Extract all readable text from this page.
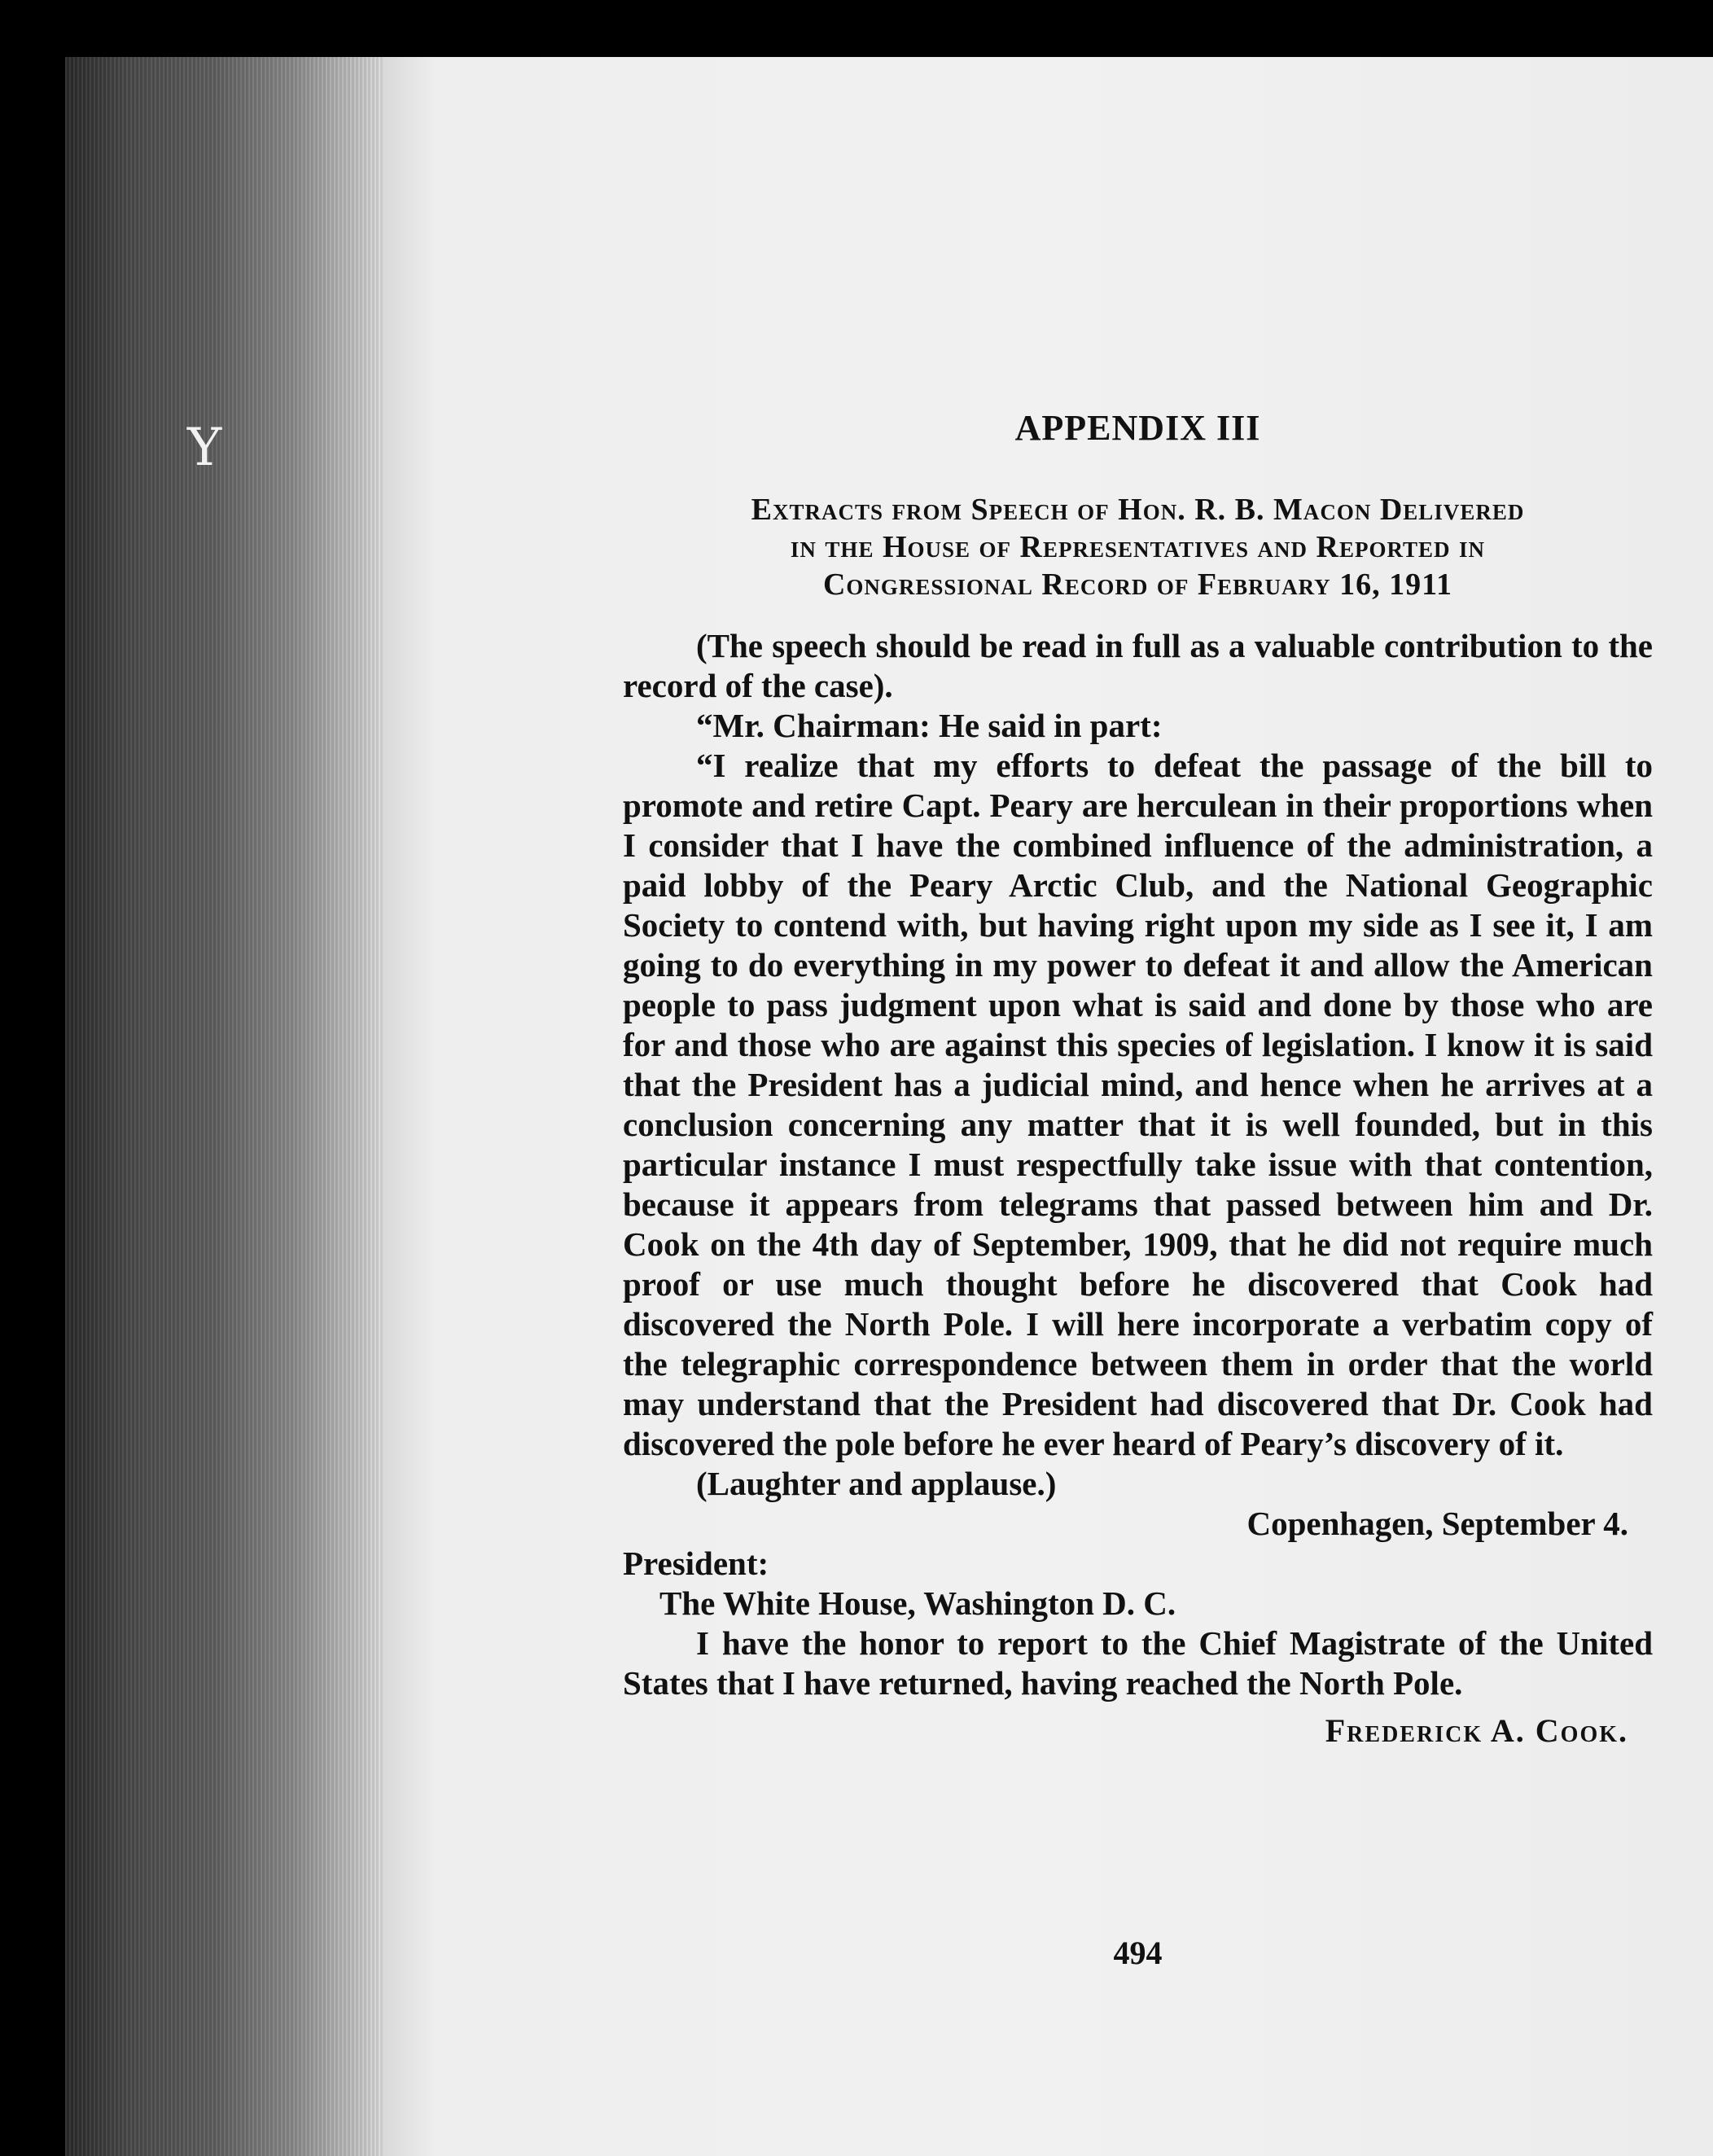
Y	APPENDIX III
Extracts from Speech of Hon. R. B. Macon Delivered
in the House of Representatives and Reported in
Congressional Record of February 16, 1911

(The speech should be read in full as a valuable contribution to the record of the case).

“Mr. Chairman: He said in part:

“I realize that my efforts to defeat the passage of the bill to promote and retire Capt. Peary are herculean in their proportions when I consider that I have the combined influence of the administration, a paid lobby of the Peary Arctic Club, and the National Geographic Society to contend with, but having right upon my side as I see it, I am going to do everything in my power to defeat it and allow the American people to pass judgment upon what is said and done by those who are for and those who are against this species of legislation. I know it is said that the President has a judicial mind, and hence when he arrives at a conclusion concerning any matter that it is well founded, but in this particular instance I must respectfully take issue with that contention, because it appears from telegrams that passed between him and Dr. Cook on the 4th day of September, 1909, that he did not require much proof or use much thought before he discovered that Cook had discovered the North Pole. I will here incorporate a verbatim copy of the telegraphic correspondence between them in order that the world may understand that the President had discovered that Dr. Cook had discovered the pole before he ever heard of Peary’s discovery of it.

(Laughter and applause.)

Copenhagen, September 4.

President:

The White House, Washington D. C.

I have the honor to report to the Chief Magistrate of the United States that I have returned, having reached the North Pole.

Frederick A. Cook.

494
